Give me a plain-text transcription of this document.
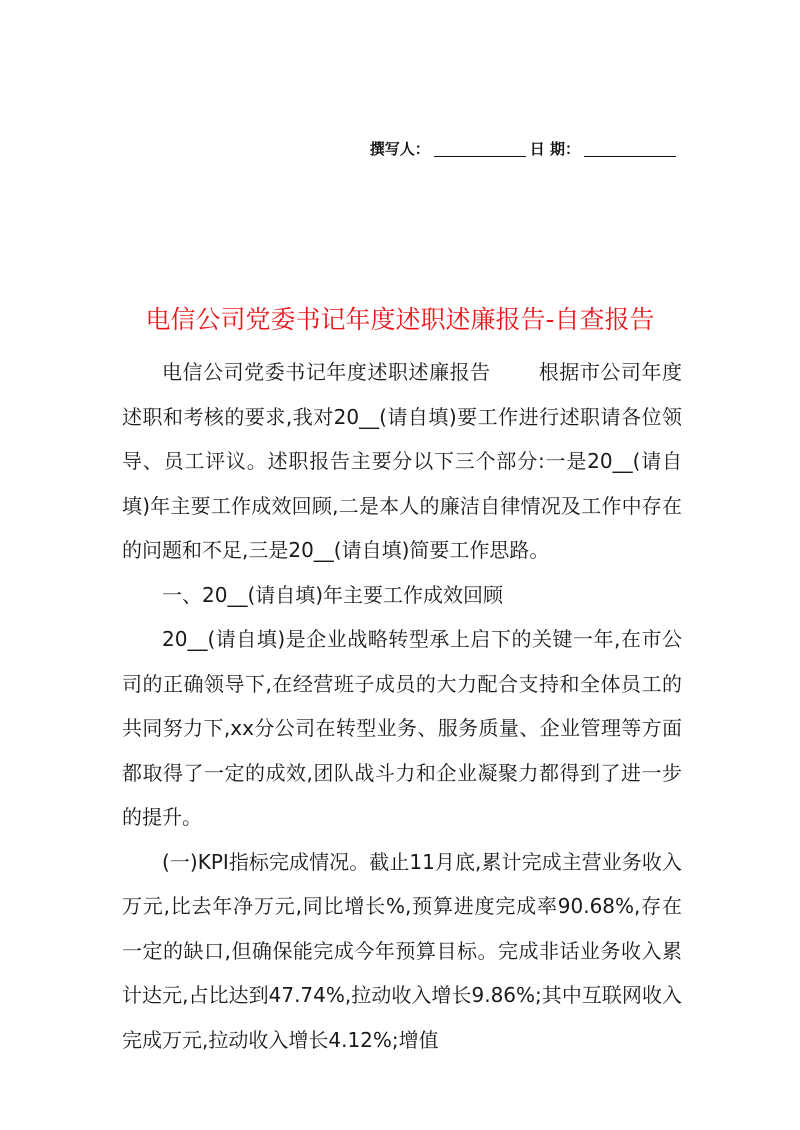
撰写人：	日 期：
电信公司党委书记年度述职述廉报告-自查报告

电信公司党委书记年度述职述廉报告 　　根据市公司年度述职和考核的要求,我对20__(请自填)要工作进行述职请各位领导、员工评议。述职报告主要分以下三个部分:一是20__(请自填)年主要工作成效回顾,二是本人的廉洁自律情况及工作中存在的问题和不足,三是20__(请自填)简要工作思路。

一、20__(请自填)年主要工作成效回顾

20__(请自填)是企业战略转型承上启下的关键一年,在市公司的正确领导下,在经营班子成员的大力配合支持和全体员工的共同努力下,xx分公司在转型业务、服务质量、企业管理等方面都取得了一定的成效,团队战斗力和企业凝聚力都得到了进一步的提升。

(一)KPI指标完成情况。截止11月底,累计完成主营业务收入万元,比去年净万元,同比增长%,预算进度完成率90.68%,存在一定的缺口,但确保能完成今年预算目标。完成非话业务收入累计达元,占比达到47.74%,拉动收入增长9.86%;其中互联网收入完成万元,拉动收入增长4.12%;增值
